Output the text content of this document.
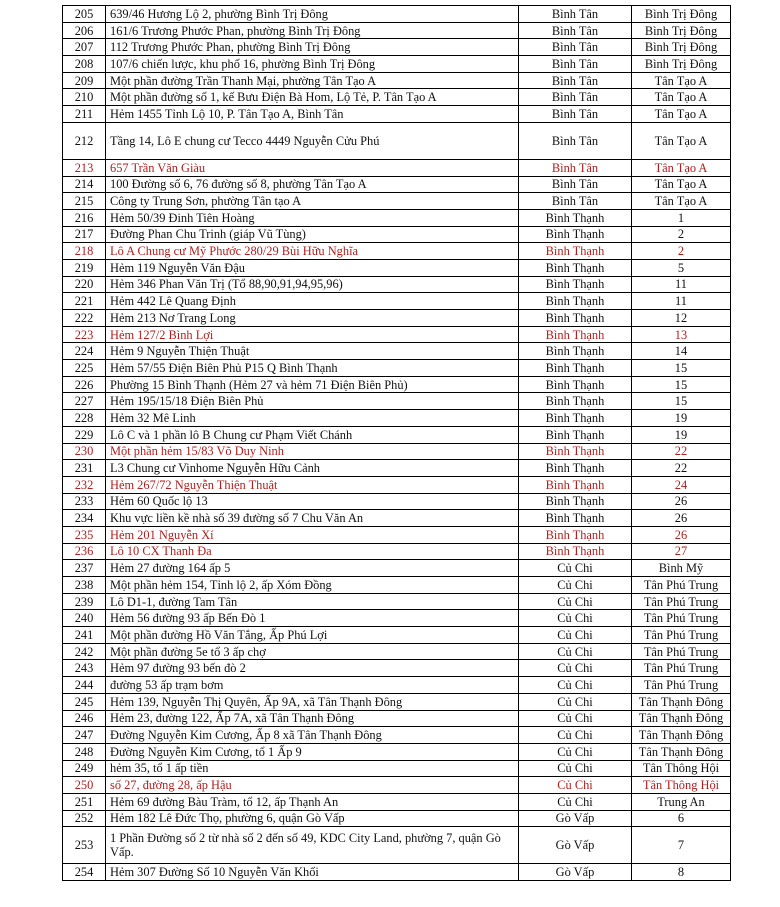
205	639/46 Hương Lộ 2, phường Bình Trị Đông	Bình Tân	Bình Trị Đông
206	161/6 Trương Phước Phan, phường Bình Trị Đông	Bình Tân	Bình Trị Đông
207	112 Trương Phước Phan, phường Bình Trị Đông	Bình Tân	Bình Trị Đông
208	107/6 chiến lược, khu phố 16, phường Bình Trị Đông	Bình Tân	Bình Trị Đông
209	Một phần đường Trần Thanh Mại, phường Tân Tạo A	Bình Tân	Tân Tạo A
210	Một phần đường số 1, kế Bưu Điện Bà Hom, Lộ Tẻ, P. Tân Tạo A	Bình Tân	Tân Tạo A
211	Hẻm 1455 Tỉnh Lộ 10, P. Tân Tạo A, Bình Tân	Bình Tân	Tân Tạo A
212	Tầng 14, Lô E chung cư Tecco 4449 Nguyễn Cửu Phú	Bình Tân	Tân Tạo A
213	657 Trần Văn Giàu	Bình Tân	Tân Tạo A
214	100 Đường số 6, 76 đường số 8, phường Tân Tạo A	Bình Tân	Tân Tạo A
215	Công ty Trung Sơn, phường Tân tạo A	Bình Tân	Tân Tạo A
216	Hẻm 50/39 Đinh Tiên Hoàng	Bình Thạnh	1
217	Đường Phan Chu Trinh (giáp Vũ Tùng)	Bình Thạnh	2
218	Lô A Chung cư Mỹ Phước 280/29 Bùi Hữu Nghĩa	Bình Thạnh	2
219	Hẻm 119 Nguyễn Văn Đậu	Bình Thạnh	5
220	Hẻm 346 Phan Văn Trị (Tổ 88,90,91,94,95,96)	Bình Thạnh	11
221	Hẻm 442 Lê Quang Định	Bình Thạnh	11
222	Hẻm 213 Nơ Trang Long	Bình Thạnh	12
223	Hẻm 127/2 Bình Lợi	Bình Thạnh	13
224	Hẻm 9 Nguyễn Thiện Thuật	Bình Thạnh	14
225	Hẻm 57/55 Điện Biên Phủ P15 Q Bình Thạnh	Bình Thạnh	15
226	Phường 15 Bình Thạnh (Hẻm 27 và hẻm 71 Điện Biên Phủ)	Bình Thạnh	15
227	Hẻm 195/15/18 Điện Biên Phủ	Bình Thạnh	15
228	Hẻm 32 Mê Linh	Bình Thạnh	19
229	Lô C và 1 phần lô B Chung cư Phạm Viết Chánh	Bình Thạnh	19
230	Một phần hẻm 15/83 Võ Duy Ninh	Bình Thạnh	22
231	L3 Chung cư Vinhome Nguyễn Hữu Cảnh	Bình Thạnh	22
232	Hẻm 267/72 Nguyễn Thiện Thuật	Bình Thạnh	24
233	Hẻm 60 Quốc lộ 13	Bình Thạnh	26
234	Khu vực liền kề nhà số 39 đường số 7 Chu Văn An	Bình Thạnh	26
235	Hẻm 201 Nguyễn Xí	Bình Thạnh	26
236	Lô 10 CX Thanh Đa	Bình Thạnh	27
237	Hẻm 27 đường 164 ấp 5	Củ Chi	Bình Mỹ
238	Một phần hẻm 154, Tỉnh lộ 2, ấp Xóm Đồng	Củ Chi	Tân Phú Trung
239	Lô D1-1, đường Tam Tân	Củ Chi	Tân Phú Trung
240	Hẻm 56 đường 93 ấp Bến Đò 1	Củ Chi	Tân Phú Trung
241	Một phần đường Hồ Văn Tắng, Ấp Phú Lợi	Củ Chi	Tân Phú Trung
242	Một phần đường 5e tổ 3 ấp chợ	Củ Chi	Tân Phú Trung
243	Hẻm 97 đường 93 bến đò 2	Củ Chi	Tân Phú Trung
244	đường 53 ấp trạm bơm	Củ Chi	Tân Phú Trung
245	Hẻm 139, Nguyễn Thị Quyên, Ấp 9A, xã Tân Thạnh Đông	Củ Chi	Tân Thạnh Đông
246	Hẻm 23, đường 122, Ấp 7A, xã Tân Thạnh Đông	Củ Chi	Tân Thạnh Đông
247	Đường Nguyễn Kim Cương, Ấp 8 xã Tân Thạnh Đông	Củ Chi	Tân Thạnh Đông
248	Đường Nguyễn Kim Cương, tổ 1 Ấp 9	Củ Chi	Tân Thạnh Đông
249	hẻm 35, tổ 1 ấp tiền	Củ Chi	Tân Thông Hội
250	số 27, đường 28, ấp Hậu	Củ Chi	Tân Thông Hội
251	Hẻm 69 đường Bàu Tràm, tổ 12, ấp Thạnh An	Củ Chi	Trung An
252	Hẻm 182 Lê Đức Thọ, phường 6, quận Gò Vấp	Gò Vấp	6
253	1 Phần Đường số 2 từ nhà số 2 đến số 49, KDC City Land, phường 7, quận Gò Vấp.	Gò Vấp	7
254	Hẻm 307 Đường Số 10 Nguyễn Văn Khối	Gò Vấp	8
